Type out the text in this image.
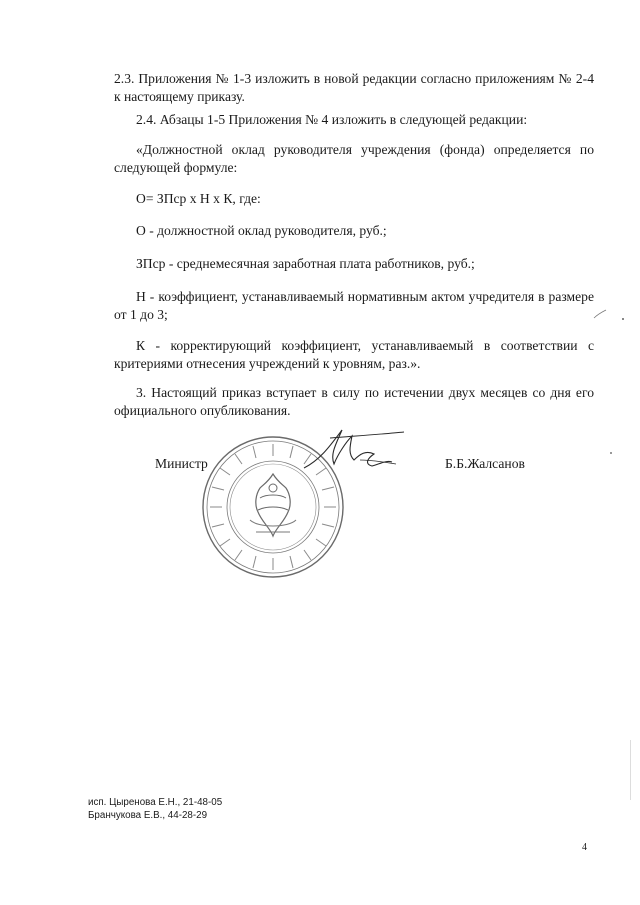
2.3. Приложения № 1-3 изложить в новой редакции согласно приложениям № 2-4 к настоящему приказу.
2.4. Абзацы 1-5 Приложения № 4 изложить в следующей редакции:
«Должностной оклад руководителя учреждения (фонда) определяется по следующей формуле:
О= ЗПср х Н х К, где:
О - должностной оклад руководителя, руб.;
ЗПср - среднемесячная заработная плата работников, руб.;
Н - коэффициент, устанавливаемый нормативным актом учредителя в размере от 1 до 3;
К - корректирующий коэффициент, устанавливаемый в соответствии с критериями отнесения учреждений к уровням, раз.».
3. Настоящий приказ вступает в силу по истечении двух месяцев со дня его официального опубликования.
Министр	Б.Б.Жалсанов
исп. Цыренова Е.Н., 21-48-05
Бранчукова Е.В., 44-28-29
4
